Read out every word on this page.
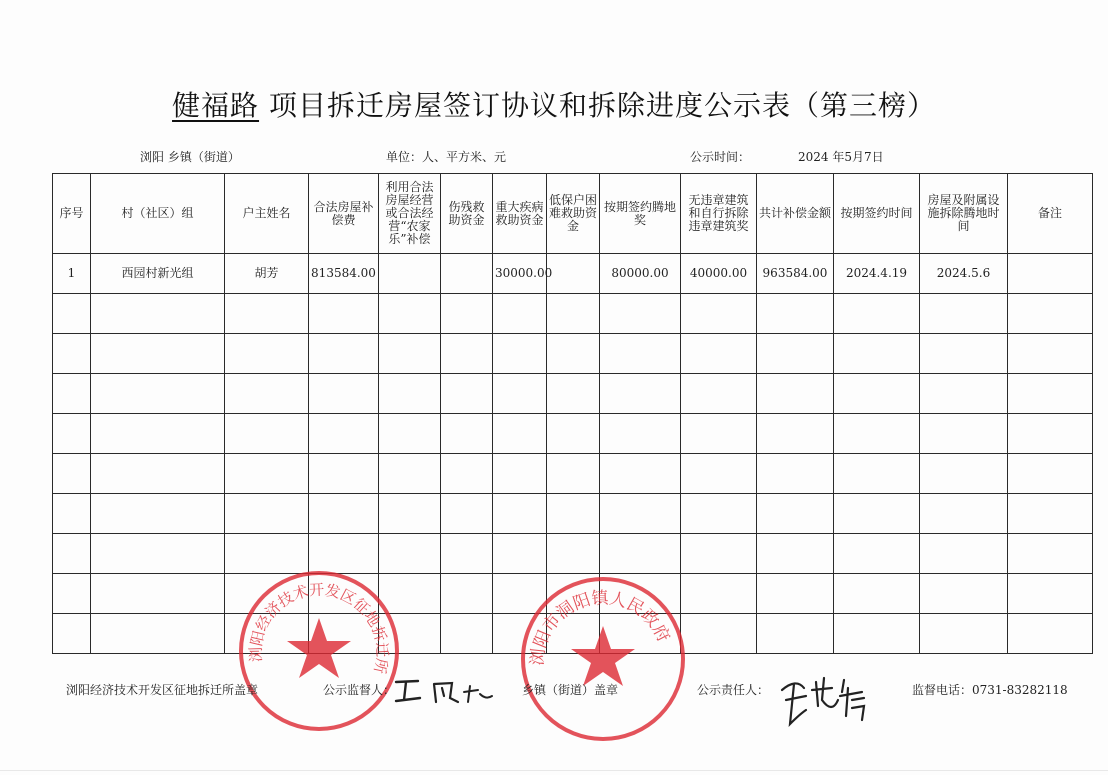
健福路 项目拆迁房屋签订协议和拆除进度公示表（第三榜）
浏阳 乡镇（街道）	单位：人、平方米、元	公示时间：	2024 年5月7日
序号	村（社区）组	户主姓名	合法房屋补偿费	利用合法房屋经营或合法经营“农家乐”补偿	伤残救助资金	重大疾病救助资金	低保户困难救助资金	按期签约腾地奖	无违章建筑和自行拆除违章建筑奖	共计补偿金额	按期签约时间	房屋及附属设施拆除腾地时间	备注
1	西园村新光组	胡芳	813584.00			30000.00		80000.00	40000.00	963584.00	2024.4.19	2024.5.6	

浏阳经济技术开发区征地拆迁所	浏阳市洞阳镇人民政府
浏阳经济技术开发区征地拆迁所盖章	公示监督人：	乡镇（街道）盖章	公示责任人：	监督电话：0731-83282118
